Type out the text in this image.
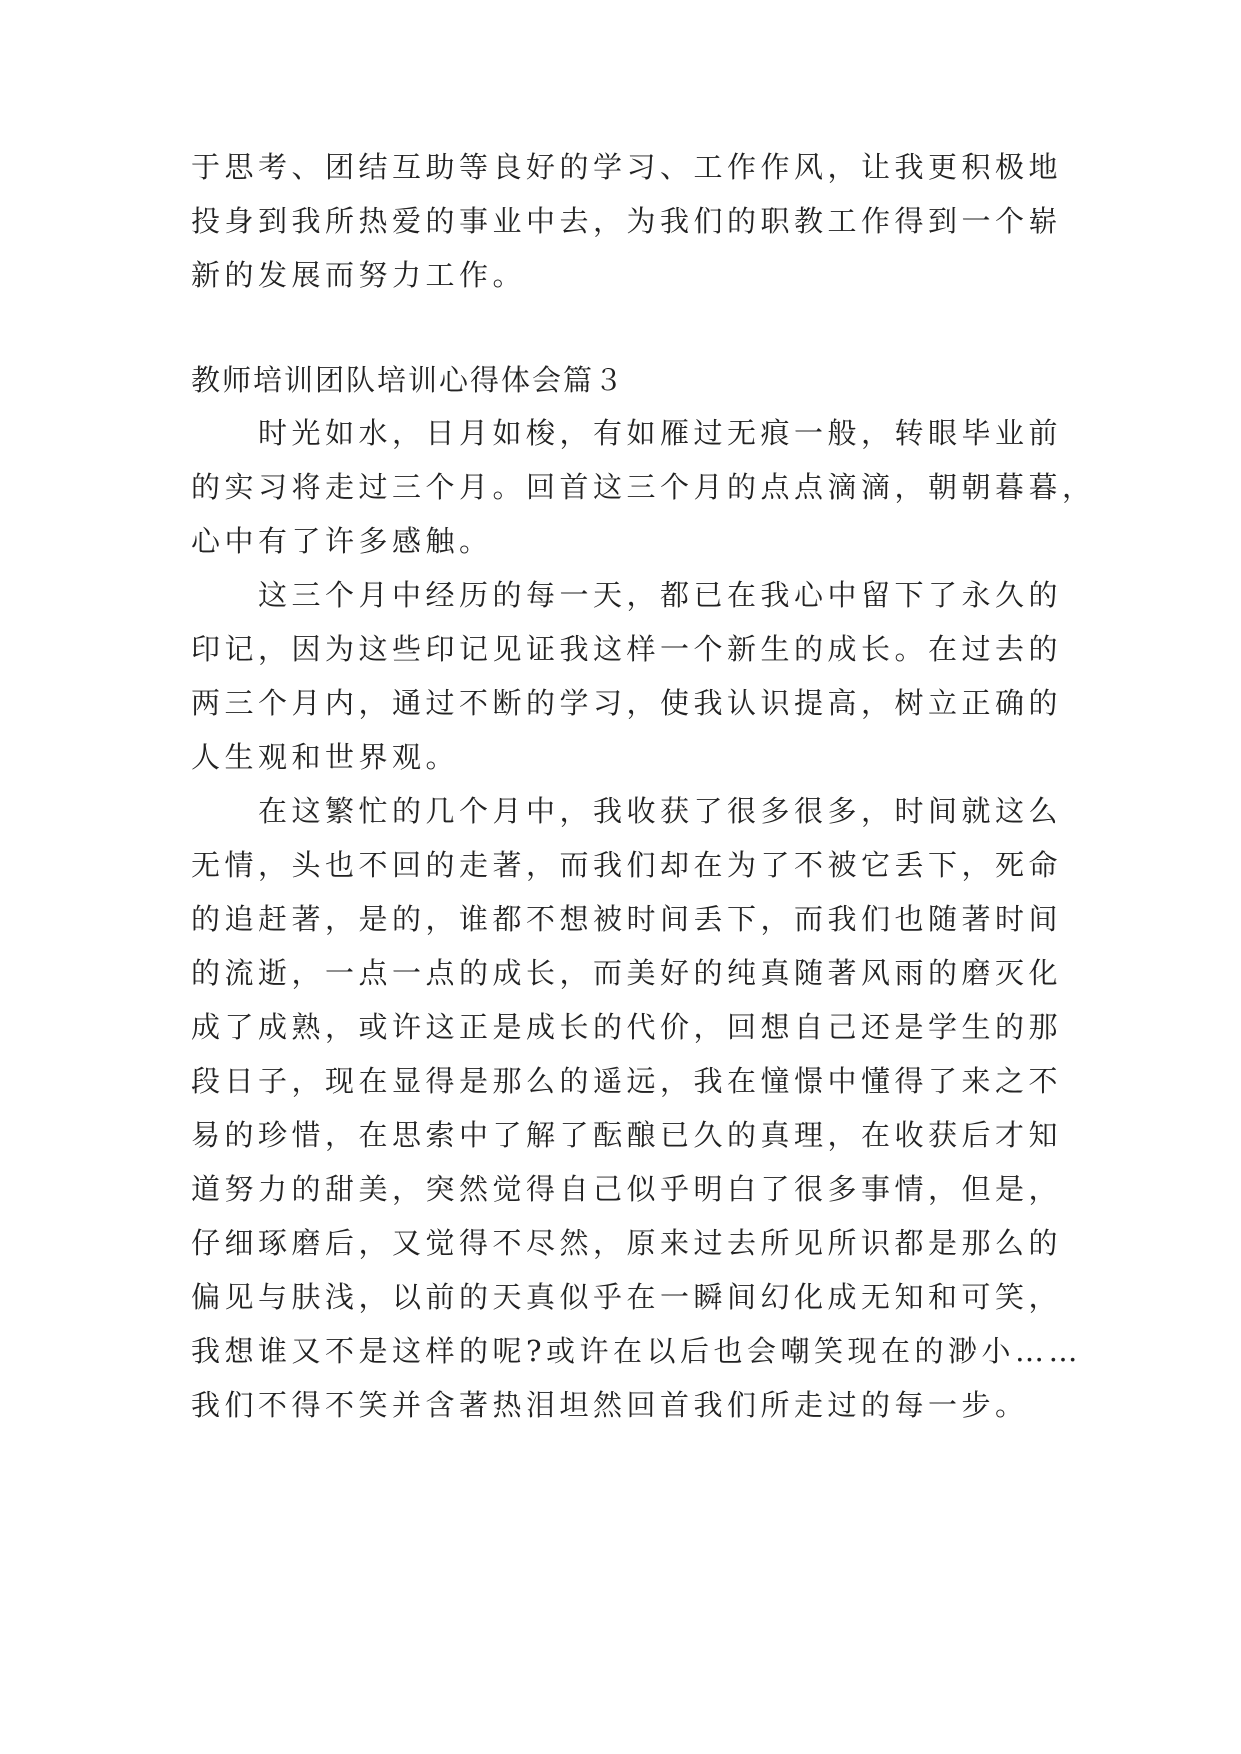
于思考、团结互助等良好的学习、工作作风，让我更积极地
投身到我所热爱的事业中去，为我们的职教工作得到一个崭
新的发展而努力工作。
教师培训团队培训心得体会篇３
时光如水，日月如梭，有如雁过无痕一般，转眼毕业前
的实习将走过三个月。回首这三个月的点点滴滴，朝朝暮暮，
心中有了许多感触。
这三个月中经历的每一天，都已在我心中留下了永久的
印记，因为这些印记见证我这样一个新生的成长。在过去的
两三个月内，通过不断的学习，使我认识提高，树立正确的
人生观和世界观。
在这繁忙的几个月中，我收获了很多很多，时间就这么
无情，头也不回的走著，而我们却在为了不被它丢下，死命
的追赶著，是的，谁都不想被时间丢下，而我们也随著时间
的流逝，一点一点的成长，而美好的纯真随著风雨的磨灭化
成了成熟，或许这正是成长的代价，回想自己还是学生的那
段日子，现在显得是那么的遥远，我在憧憬中懂得了来之不
易的珍惜，在思索中了解了酝酿已久的真理，在收获后才知
道努力的甜美，突然觉得自己似乎明白了很多事情，但是，
仔细琢磨后，又觉得不尽然，原来过去所见所识都是那么的
偏见与肤浅，以前的天真似乎在一瞬间幻化成无知和可笑，
我想谁又不是这样的呢?或许在以后也会嘲笑现在的渺小……
我们不得不笑并含著热泪坦然回首我们所走过的每一步。
